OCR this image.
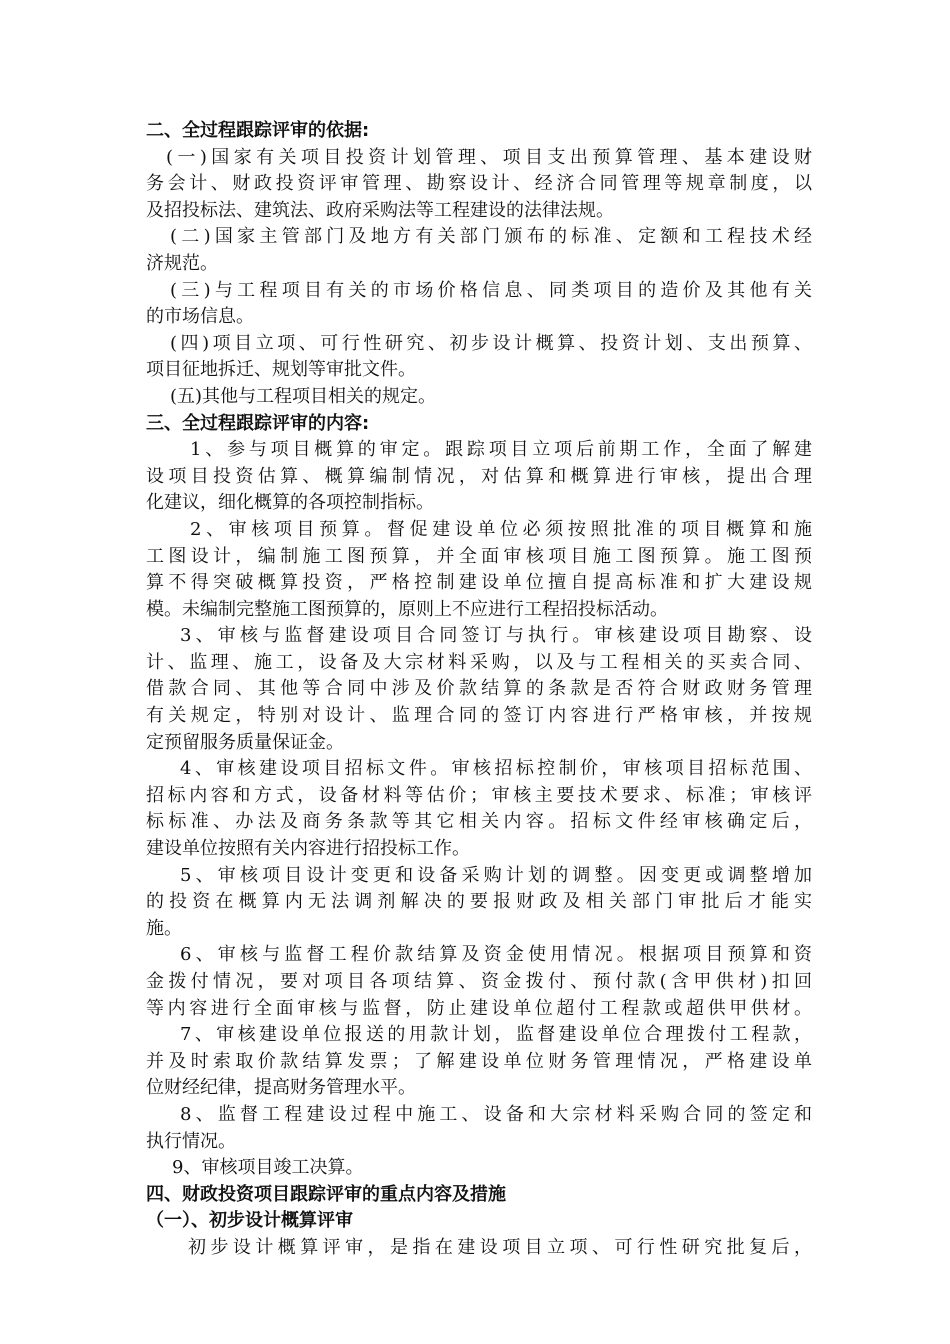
二、全过程跟踪评审的依据:
(一)国家有关项目投资计划管理、项目支出预算管理、基本建设财
务会计、财政投资评审管理、勘察设计、经济合同管理等规章制度，以
及招投标法、建筑法、政府采购法等工程建设的法律法规。
(二)国家主管部门及地方有关部门颁布的标准、定额和工程技术经
济规范。
(三)与工程项目有关的市场价格信息、同类项目的造价及其他有关
的市场信息。
(四)项目立项、可行性研究、初步设计概算、投资计划、支出预算、
项目征地拆迁、规划等审批文件。
(五)其他与工程项目相关的规定。
三、全过程跟踪评审的内容:
1、参与项目概算的审定。跟踪项目立项后前期工作，全面了解建
设项目投资估算、概算编制情况，对估算和概算进行审核，提出合理
化建议，细化概算的各项控制指标。
2、审核项目预算。督促建设单位必须按照批准的项目概算和施
工图设计，编制施工图预算，并全面审核项目施工图预算。施工图预
算不得突破概算投资，严格控制建设单位擅自提高标准和扩大建设规
模。未编制完整施工图预算的，原则上不应进行工程招投标活动。
3、审核与监督建设项目合同签订与执行。审核建设项目勘察、设
计、监理、施工，设备及大宗材料采购，以及与工程相关的买卖合同、
借款合同、其他等合同中涉及价款结算的条款是否符合财政财务管理
有关规定，特别对设计、监理合同的签订内容进行严格审核，并按规
定预留服务质量保证金。
4、审核建设项目招标文件。审核招标控制价，审核项目招标范围、
招标内容和方式，设备材料等估价；审核主要技术要求、标准；审核评
标标准、办法及商务条款等其它相关内容。招标文件经审核确定后，
建设单位按照有关内容进行招投标工作。
5、审核项目设计变更和设备采购计划的调整。因变更或调整增加
的投资在概算内无法调剂解决的要报财政及相关部门审批后才能实
施。
6、审核与监督工程价款结算及资金使用情况。根据项目预算和资
金拨付情况，要对项目各项结算、资金拨付、预付款(含甲供材)扣回
等内容进行全面审核与监督，防止建设单位超付工程款或超供甲供材。
7、审核建设单位报送的用款计划，监督建设单位合理拨付工程款，
并及时索取价款结算发票；了解建设单位财务管理情况，严格建设单
位财经纪律，提高财务管理水平。
8、监督工程建设过程中施工、设备和大宗材料采购合同的签定和
执行情况。
9、审核项目竣工决算。
四、财政投资项目跟踪评审的重点内容及措施
（一）、初步设计概算评审
初步设计概算评审，是指在建设项目立项、可行性研究批复后，
